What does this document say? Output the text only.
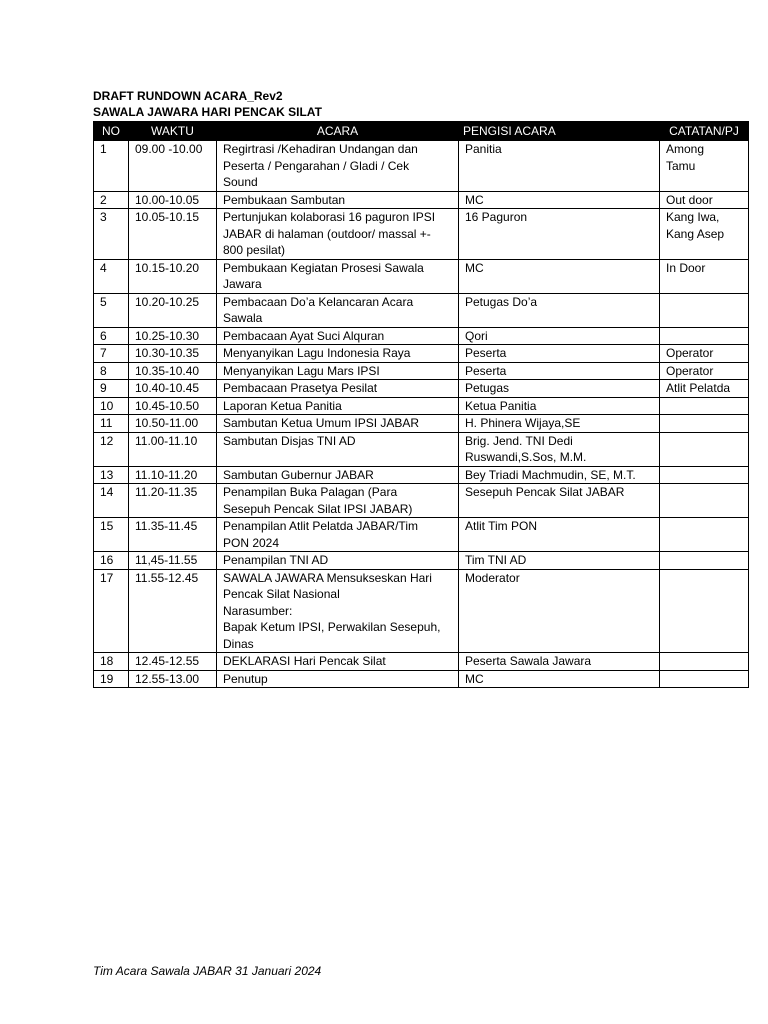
DRAFT RUNDOWN ACARA_Rev2
SAWALA JAWARA HARI PENCAK SILAT
NO	WAKTU	ACARA	PENGISI ACARA	CATATAN/PJ
1	09.00 -10.00	Regirtrasi /Kehadiran Undangan dan
Peserta / Pengarahan / Gladi / Cek
Sound	Panitia	Among
Tamu

2	10.00-10.05	Pembukaan Sambutan	MC	Out door

3	10.05-10.15	Pertunjukan kolaborasi 16 paguron IPSI
JABAR di halaman (outdoor/ massal +-
800 pesilat)	16 Paguron	Kang Iwa,
Kang Asep

4	10.15-10.20	Pembukaan Kegiatan Prosesi Sawala
Jawara	MC	In Door

5	10.20-10.25	Pembacaan Do’a Kelancaran Acara
Sawala	Petugas Do’a	

6	10.25-10.30	Pembacaan Ayat Suci Alquran	Qori	

7	10.30-10.35	Menyanyikan Lagu Indonesia Raya	Peserta	Operator

8	10.35-10.40	Menyanyikan Lagu Mars IPSI	Peserta	Operator

9	10.40-10.45	Pembacaan Prasetya Pesilat	Petugas	Atlit Pelatda

10	10.45-10.50	Laporan Ketua Panitia	Ketua Panitia	

11	10.50-11.00	Sambutan Ketua Umum IPSI JABAR	H. Phinera Wijaya,SE	

12	11.00-11.10	Sambutan Disjas TNI AD	Brig. Jend. TNI Dedi
Ruswandi,S.Sos, M.M.	

13	11.10-11.20	Sambutan Gubernur JABAR	Bey Triadi Machmudin, SE, M.T.	

14	11.20-11.35	Penampilan Buka Palagan (Para
Sesepuh Pencak Silat IPSI JABAR)	Sesepuh Pencak Silat JABAR	

15	11.35-11.45	Penampilan Atlit Pelatda JABAR/Tim
PON 2024	Atlit Tim PON	

16	11,45-11.55	Penampilan TNI AD	Tim TNI AD	

17	11.55-12.45	SAWALA JAWARA Mensukseskan Hari
Pencak Silat Nasional
Narasumber:
Bapak Ketum IPSI, Perwakilan Sesepuh,
Dinas	Moderator	

18	12.45-12.55	DEKLARASI Hari Pencak Silat	Peserta Sawala Jawara	

19	12.55-13.00	Penutup	MC	

Tim Acara Sawala JABAR 31 Januari 2024
